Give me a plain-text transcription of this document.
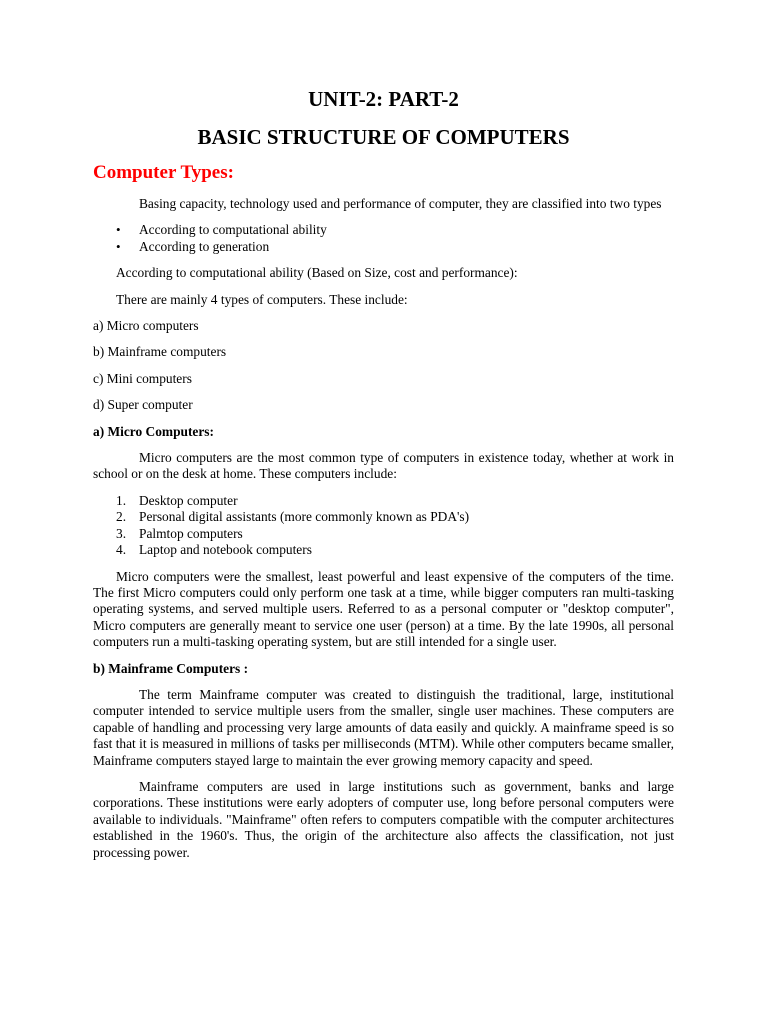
UNIT-2: PART-2
BASIC STRUCTURE OF COMPUTERS
Computer Types:

Basing capacity, technology used and performance of computer, they are classified into two types

• According to computational ability
• According to generation

According to computational ability (Based on Size, cost and performance):

There are mainly 4 types of computers. These include:

a) Micro computers

b) Mainframe computers

c) Mini computers

d) Super computer

a) Micro Computers:

Micro computers are the most common type of computers in existence today, whether at work in school or on the desk at home. These computers include:

1. Desktop computer
2. Personal digital assistants (more commonly known as PDA's)
3. Palmtop computers
4. Laptop and notebook computers

Micro computers were the smallest, least powerful and least expensive of the computers of the time. The first Micro computers could only perform one task at a time, while bigger computers ran multi-tasking operating systems, and served multiple users. Referred to as a personal computer or "desktop computer", Micro computers are generally meant to service one user (person) at a time. By the late 1990s, all personal computers run a multi-tasking operating system, but are still intended for a single user.

b) Mainframe Computers :

The term Mainframe computer was created to distinguish the traditional, large, institutional computer intended to service multiple users from the smaller, single user machines. These computers are capable of handling and processing very large amounts of data easily and quickly. A mainframe speed is so fast that it is measured in millions of tasks per milliseconds (MTM). While other computers became smaller, Mainframe computers stayed large to maintain the ever growing memory capacity and speed.

Mainframe computers are used in large institutions such as government, banks and large corporations. These institutions were early adopters of computer use, long before personal computers were available to individuals. "Mainframe" often refers to computers compatible with the computer architectures established in the 1960's. Thus, the origin of the architecture also affects the classification, not just processing power.
